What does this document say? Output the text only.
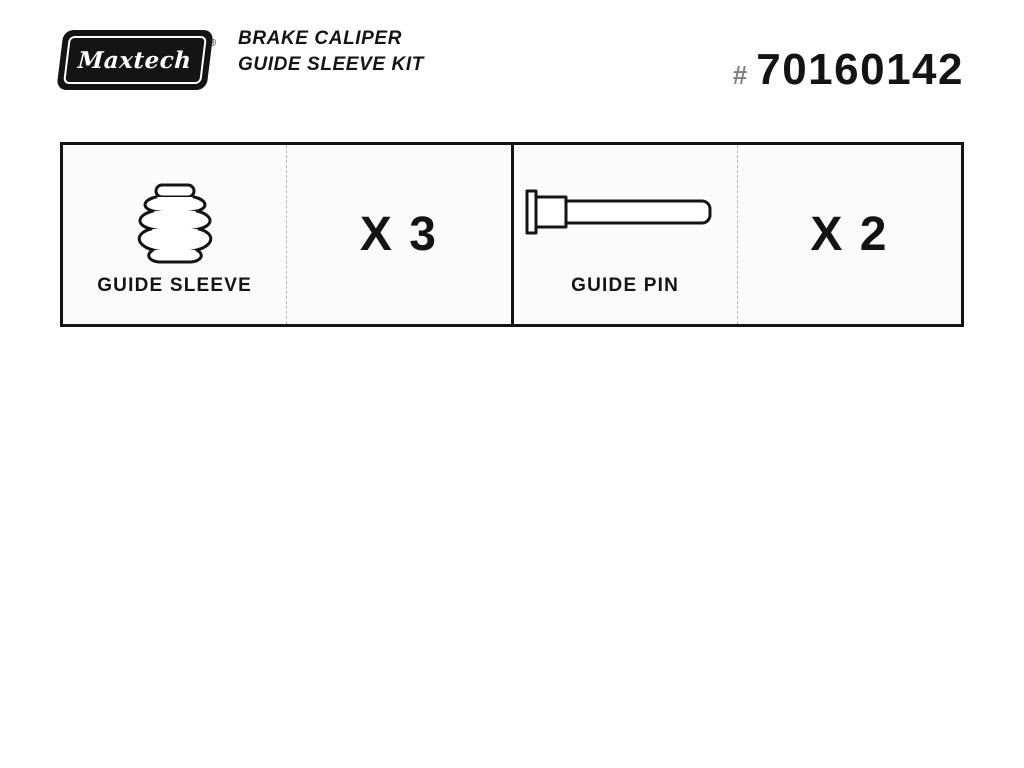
Maxtech
® BRAKE CALIPER
GUIDE SLEEVE KIT	# 70160142
GUIDE SLEEVE
X 3
GUIDE PIN
X 2
